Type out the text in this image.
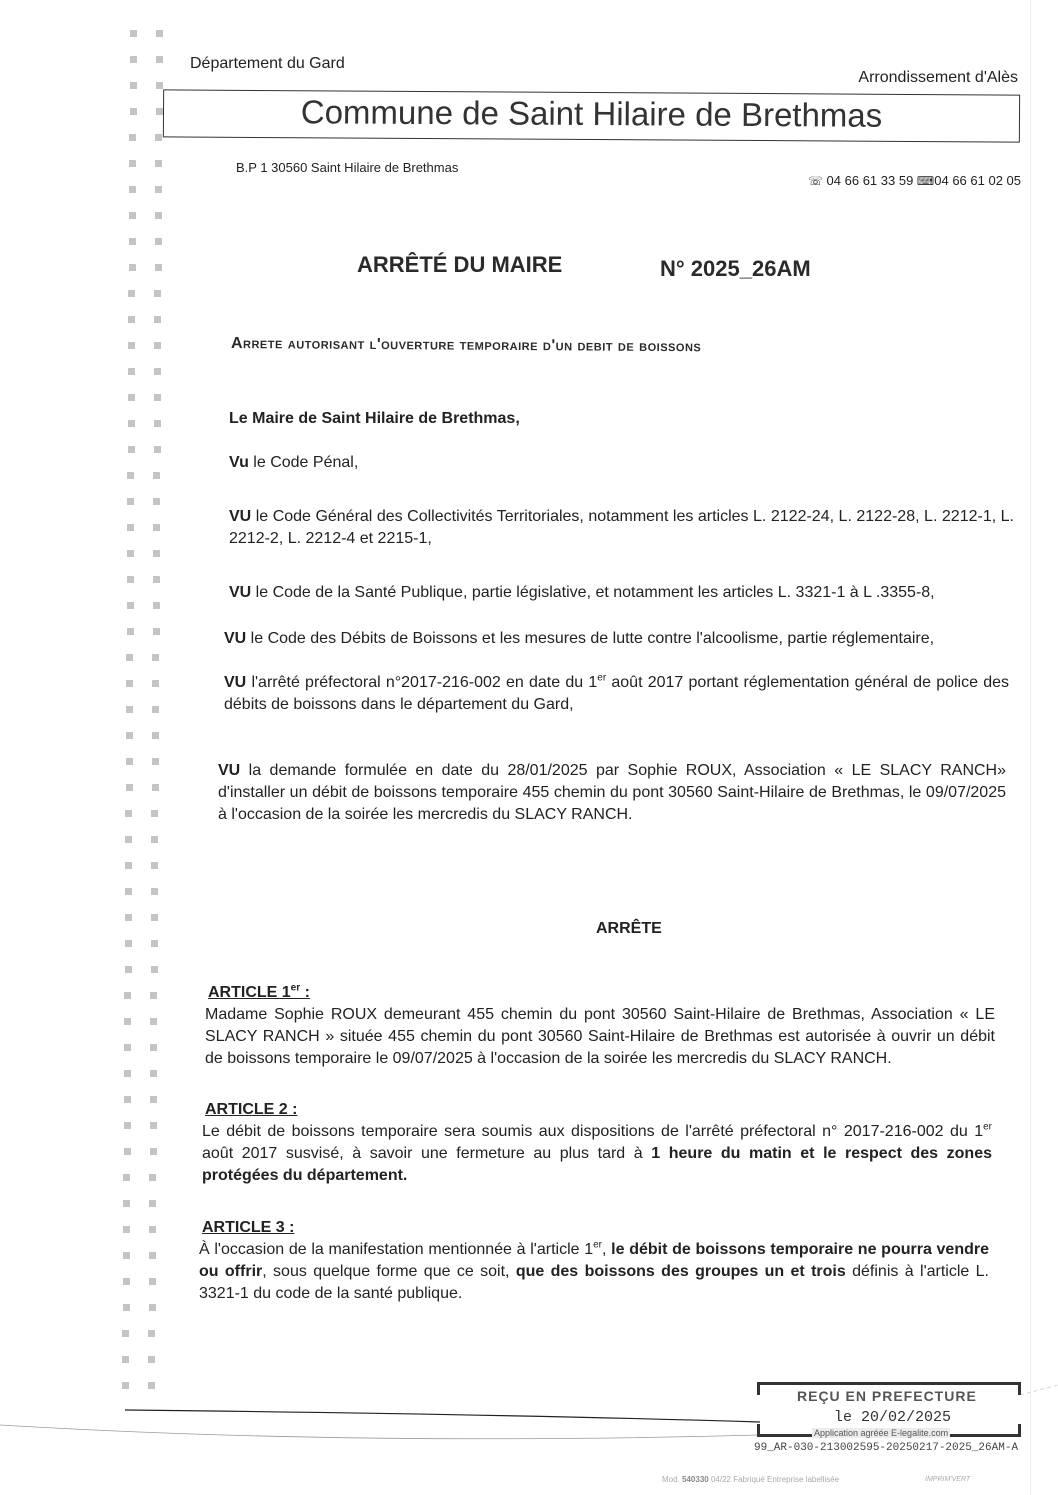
Département du Gard
Arrondissement d'Alès
Commune de Saint Hilaire de Brethmas
B.P 1 30560 Saint Hilaire de Brethmas
☏ 04 66 61 33 59 ⌨04 66 61 02 05
ARRÊTÉ DU MAIRE	N° 2025_26AM
Arrete autorisant l'ouverture temporaire d'un debit de boissons
Le Maire de Saint Hilaire de Brethmas,
Vu le Code Pénal,
VU le Code Général des Collectivités Territoriales, notamment les articles L. 2122-24, L. 2122-28, L. 2212-1, L. 2212-2, L. 2212-4 et 2215-1,
VU le Code de la Santé Publique, partie législative, et notamment les articles L. 3321-1 à L .3355-8,
VU le Code des Débits de Boissons et les mesures de lutte contre l'alcoolisme, partie réglementaire,
VU l'arrêté préfectoral n°2017-216-002 en date du 1er août 2017 portant réglementation général de police des débits de boissons dans le département du Gard,
VU la demande formulée en date du 28/01/2025 par Sophie ROUX, Association « LE SLACY RANCH» d'installer un débit de boissons temporaire 455 chemin du pont 30560 Saint-Hilaire de Brethmas, le 09/07/2025 à l'occasion de la soirée les mercredis du SLACY RANCH.
ARRÊTE
ARTICLE 1er :
Madame Sophie ROUX demeurant 455 chemin du pont 30560 Saint-Hilaire de Brethmas, Association « LE SLACY RANCH » située 455 chemin du pont 30560 Saint-Hilaire de Brethmas est autorisée à ouvrir un débit de boissons temporaire le 09/07/2025 à l'occasion de la soirée les mercredis du SLACY RANCH.
ARTICLE 2 :
Le débit de boissons temporaire sera soumis aux dispositions de l'arrêté préfectoral n° 2017-216-002 du 1er août 2017 susvisé, à savoir une fermeture au plus tard à 1 heure du matin et le respect des zones protégées du département.
ARTICLE 3 :
À l'occasion de la manifestation mentionnée à l'article 1er, le débit de boissons temporaire ne pourra vendre ou offrir, sous quelque forme que ce soit, que des boissons des groupes un et trois définis à l'article L. 3321-1 du code de la santé publique.
REÇU EN PREFECTURE
le 20/02/2025
Application agréée E-legalite.com
99_AR-030-213002595-20250217-2025_26AM-A
Mod. 540330 04/22 Fabriqué Entreprise labellisée	IMPRIM'VERT
